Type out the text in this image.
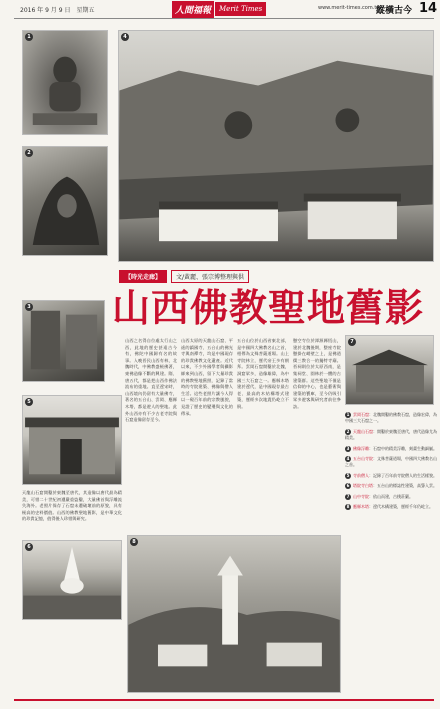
2016 年 9 月 9 日　星期五	人間福報	Merit Times	www.merit-times.com.tw
縱橫古今 14
1
2
3
4
5
6
7
8
【時光走廊】	文/黃麗、張宗博整理與供
山西佛教聖地舊影
山西之名得自位處太行山之西，此地的歷史甚遠古今有，佛陀中國歸有名的故事。入晚晉民山西有林，北魏時代，中佛教盛極佛著，東佛造像不斷的興建。隋、唐五代，都是把山西作佛法流布的重地。直至遼宋時，山西境內仍留有大量佛寺，著名的五台山、雲岡、應縣木塔，都是遊人的聖地。此外山西亦有不少古老寺院與石窟造像留存至今。
山西太原的天龍山石窟、平遙的鎮國寺、五台山的佛光寺與南禪寺，均是中國現存的珍貴佛教文化遺產。近代以來，不少外國學者與攝影師來到山西，留下大量珍貴的佛教聖地舊照，記錄了當時的寺院建築、佛像與僧人生活。這些老照片讓今人得以一窺百年前的宗教風貌，見證了歷史的變遷與文化的傳承。
五台山位於山西省東北部，是中國四大佛教名山之首，相傳為文殊菩薩道場。山上寺院林立，歷代帝王多有朝拜。雲岡石窟開鑿於北魏，洞窟眾多，造像雄偉，為中國三大石窟之一。應縣木塔建於遼代，是中國現存最古老、最高的木結構塔式建築，歷經多次地震仍屹立不倒。
懸空寺位於渾源縣恆山，建於北魏後期，整座寺院懸掛在峭壁之上，是佛道儒三教合一的獨特寺廟。晉祠則位於太原西南，是集祠堂、園林於一體的古建築群。這些聖地不僅是信仰的中心，也是藝術與建築的寶庫，至今仍吸引眾多遊客與研究者前往參訪。
天龍山石窟開鑿於東魏至唐代，其造像以唐代最為精美，可惜二十世紀初遭嚴重盜鑿，大量佛首與浮雕流失海外。老照片保存了石窟未遭破壞前的原貌，具有極高的史料價值。山西的佛教聖地舊影，是中華文化的珍貴記憶，值得後人珍惜與研究。
1 雲岡石窟：北魏開鑿的佛教石窟，造像宏偉，為中國三大石窟之一。
2 天龍山石窟：開鑿於東魏至唐代，唐代造像尤為精美。
3 佛像浮雕：石窟中的精美浮雕，刻畫生動細膩。
4 五台山寺院：文殊菩薩道場，中國四大佛教名山之首。
5 寺前僧人：記錄了百年前寺院僧人的生活樣貌。
6 塔院寺白塔：五台山的標誌性建築，高聳入雲。
7 山中寺院：依山而建，古樸莊嚴。
8 應縣木塔：遼代木構建築，歷經千年仍屹立。
